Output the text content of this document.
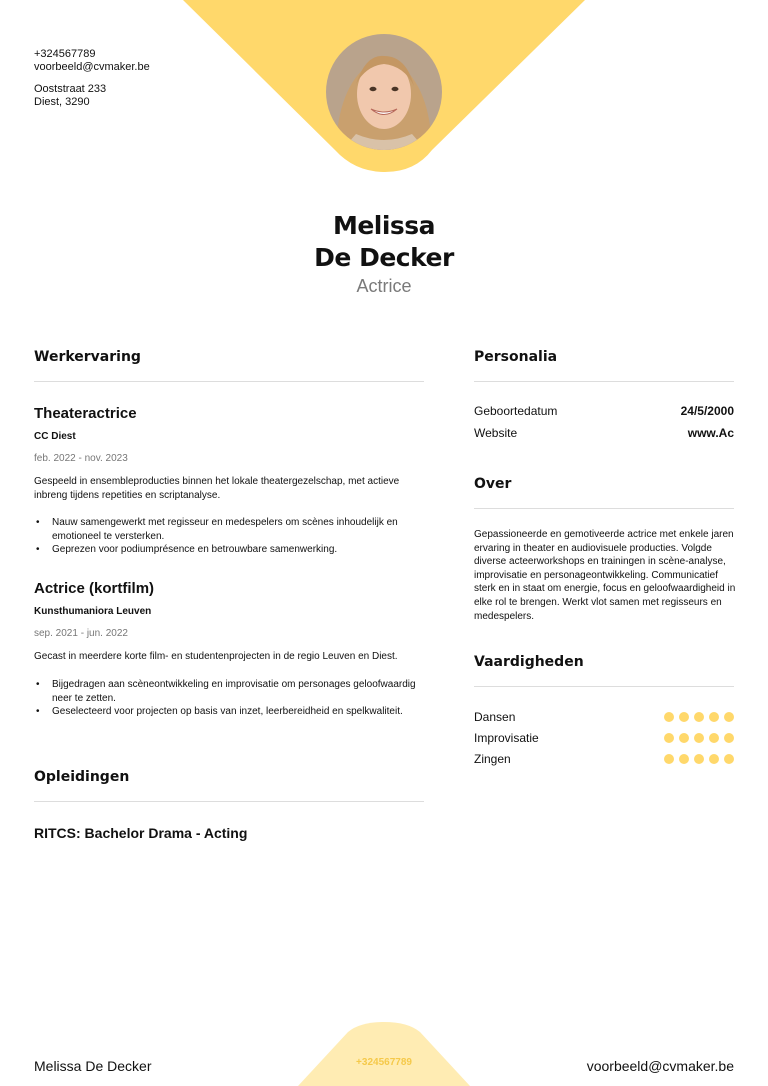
+324567789
voorbeeld@cvmaker.be
Ooststraat 233
Diest, 3290
Melissa
De Decker
Actrice
Werkervaring
Theateractrice
CC Diest
feb. 2022 - nov. 2023
Gespeeld in ensembleproducties binnen het lokale theatergezelschap, met actieve inbreng tijdens repetities en scriptanalyse.
• Nauw samengewerkt met regisseur en medespelers om scènes inhoudelijk en emotioneel te versterken.
• Geprezen voor podiumprésence en betrouwbare samenwerking.
Actrice (kortfilm)
Kunsthumaniora Leuven
sep. 2021 - jun. 2022
Gecast in meerdere korte film- en studentenprojecten in de regio Leuven en Diest.
• Bijgedragen aan scèneontwikkeling en improvisatie om personages geloofwaardig neer te zetten.
• Geselecteerd voor projecten op basis van inzet, leerbereidheid en spelkwaliteit.
Opleidingen
RITCS: Bachelor Drama - Acting
Personalia
Geboortedatum	24/5/2000
Website	www.Ac
Over
Gepassioneerde en gemotiveerde actrice met enkele jaren ervaring in theater en audiovisuele producties. Volgde diverse acteerworkshops en trainingen in scène-analyse, improvisatie en personageontwikkeling. Communicatief sterk en in staat om energie, focus en geloofwaardigheid in elke rol te brengen. Werkt vlot samen met regisseurs en medespelers.
Vaardigheden
Dansen
Improvisatie
Zingen
Melissa De Decker	+324567789	voorbeeld@cvmaker.be
